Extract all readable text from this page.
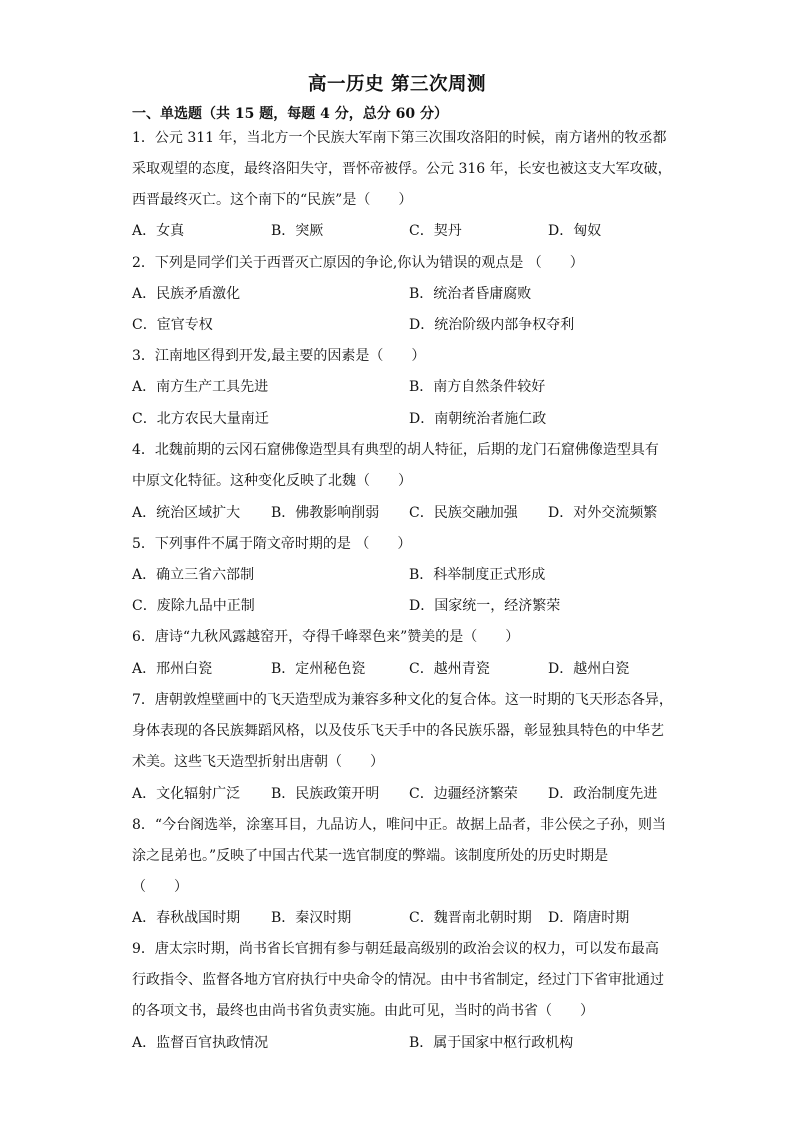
高一历史 第三次周测
一、单选题（共 15 题，每题 4 分，总分 60 分）
1．公元 311 年，当北方一个民族大军南下第三次围攻洛阳的时候，南方诸州的牧丞都
采取观望的态度，最终洛阳失守，晋怀帝被俘。公元 316 年，长安也被这支大军攻破，
西晋最终灭亡。这个南下的“民族”是（　　）
A．女真	B．突厥	C．契丹	D．匈奴
2．下列是同学们关于西晋灭亡原因的争论,你认为错误的观点是 （　　）
A．民族矛盾激化	B．统治者昏庸腐败
C．宦官专权	D．统治阶级内部争权夺利
3．江南地区得到开发,最主要的因素是（　　）
A．南方生产工具先进	B．南方自然条件较好
C．北方农民大量南迁	D．南朝统治者施仁政
4．北魏前期的云冈石窟佛像造型具有典型的胡人特征，后期的龙门石窟佛像造型具有
中原文化特征。这种变化反映了北魏（　　）
A．统治区域扩大 B．佛教影响削弱 C．民族交融加强 D．对外交流频繁
5．下列事件不属于隋文帝时期的是 （　　）
A．确立三省六部制	B．科举制度正式形成
C．废除九品中正制	D．国家统一，经济繁荣
6．唐诗“九秋风露越窑开，夺得千峰翠色来”赞美的是（　　）
A．邢州白瓷	B．定州秘色瓷	C．越州青瓷	D．越州白瓷
7．唐朝敦煌壁画中的飞天造型成为兼容多种文化的复合体。这一时期的飞天形态各异，
身体表现的各民族舞蹈风格，以及伎乐飞天手中的各民族乐器，彰显独具特色的中华艺
术美。这些飞天造型折射出唐朝（　　）
A．文化辐射广泛 B．民族政策开明 C．边疆经济繁荣 D．政治制度先进
8．“今台阁选举，涂塞耳目，九品访人，唯问中正。故据上品者，非公侯之子孙，则当
涂之昆弟也。”反映了中国古代某一选官制度的弊端。该制度所处的历史时期是
（　　）
A．春秋战国时期 B．秦汉时期	C．魏晋南北朝时期 D．隋唐时期
9．唐太宗时期，尚书省长官拥有参与朝廷最高级别的政治会议的权力，可以发布最高
行政指令、监督各地方官府执行中央命令的情况。由中书省制定，经过门下省审批通过
的各项文书，最终也由尚书省负责实施。由此可见，当时的尚书省（　　）
A．监督百官执政情况	B．属于国家中枢行政机构
